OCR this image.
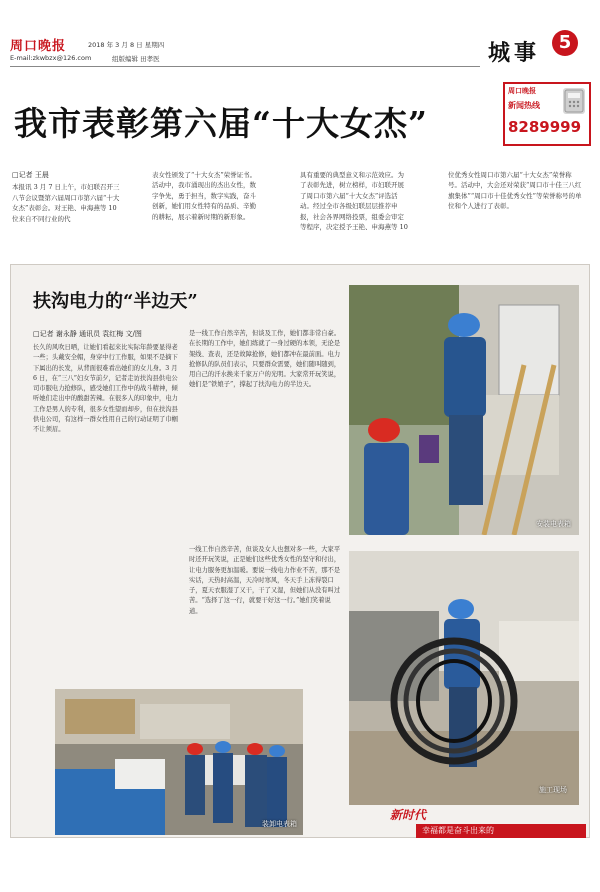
周口晚报	2018 年 3 月 8 日 星期四
E-mail:zkwbzx@126.com	组版编辑 田孝医	城事	5
周口晚报
新闻热线
8289999
我市表彰第六届“十大女杰”
□记者 王晨
本报讯 3 月 7 日上午，市妇联召开三八节会议暨第六届周口市第六届“十大女杰”表彰会。对王艳、申海燕等 10 位来自不同行业的代
表女性颁发了“十大女杰”荣誉证书。活动中，我市涌现出的杰出女性，数字争先，勇于担当，数字实践，奋斗创新，她们用女性特有的品质、辛勤的耕耘，展示着新时期的新形象。
具有重要的典型意义和示范效应。为了表彰先进，树立榜样，市妇联开展了周口市第六届“十大女杰”评选活动。经过全市各级妇联层层推荐申报，社会各界网络投票，组委会审定等程序，决定授予王艳、申海燕等 10
位优秀女性周口市第六届“十大女杰”荣誉称号。活动中，大会还对荣获“周口市十佳三八红旗集体”“周口市十佳优秀女性”等荣誉称号的单位和个人进行了表彰。
扶沟电力的“半边天”
□记者 谢永静 通讯员 袁红梅 文/图
长久的风吹日晒，让她们看起来比实际年龄要显得老一些；头戴安全帽，身穿中行工作服，如果不是摘下下属出的长发，从背面很难看出她们的女儿身。3 月 6 日，在“三八”妇女节前夕，记者走访扶沟县供电公司市服电力抢修队，感受她们工作中的战斗精神，倾听她们走出中的酸甜苦辣。在很多人的印象中，电力工作是男人的专利，很多女性望而却步，但在扶沟县供电公司，有这样一群女性用自己的行动证明了巾帼不让须眉。
是一线工作自然辛苦，但谈及工作，她们都非常自豪。在长期的工作中，她们练就了一身过硬的本领，无论是架线、查表，还是故障抢修，她们都冲在最前面。电力抢修队的队员们表示，只要群众需要，她们随叫随到，用自己的汗水换来千家万户的光明。大家常开玩笑说，她们是“铁娘子”，撑起了扶沟电力的半边天。
一线工作自然辛苦，但谈及女人也想对多一些，大家平时还开玩笑说，正是她们这些优秀女性的坚守和付出，让电力服务更加温暖。要说一线电力作业不苦，那不是实话，天热时高温，天冷时寒风，冬天手上冻得裂口子，夏天衣服湿了又干，干了又湿，但她们从没有叫过苦。“选择了这一行，就要干好这一行。”她们笑着说道。
安装电表箱
施工现场
装卸电表箱
新时代
幸福都是奋斗出来的
